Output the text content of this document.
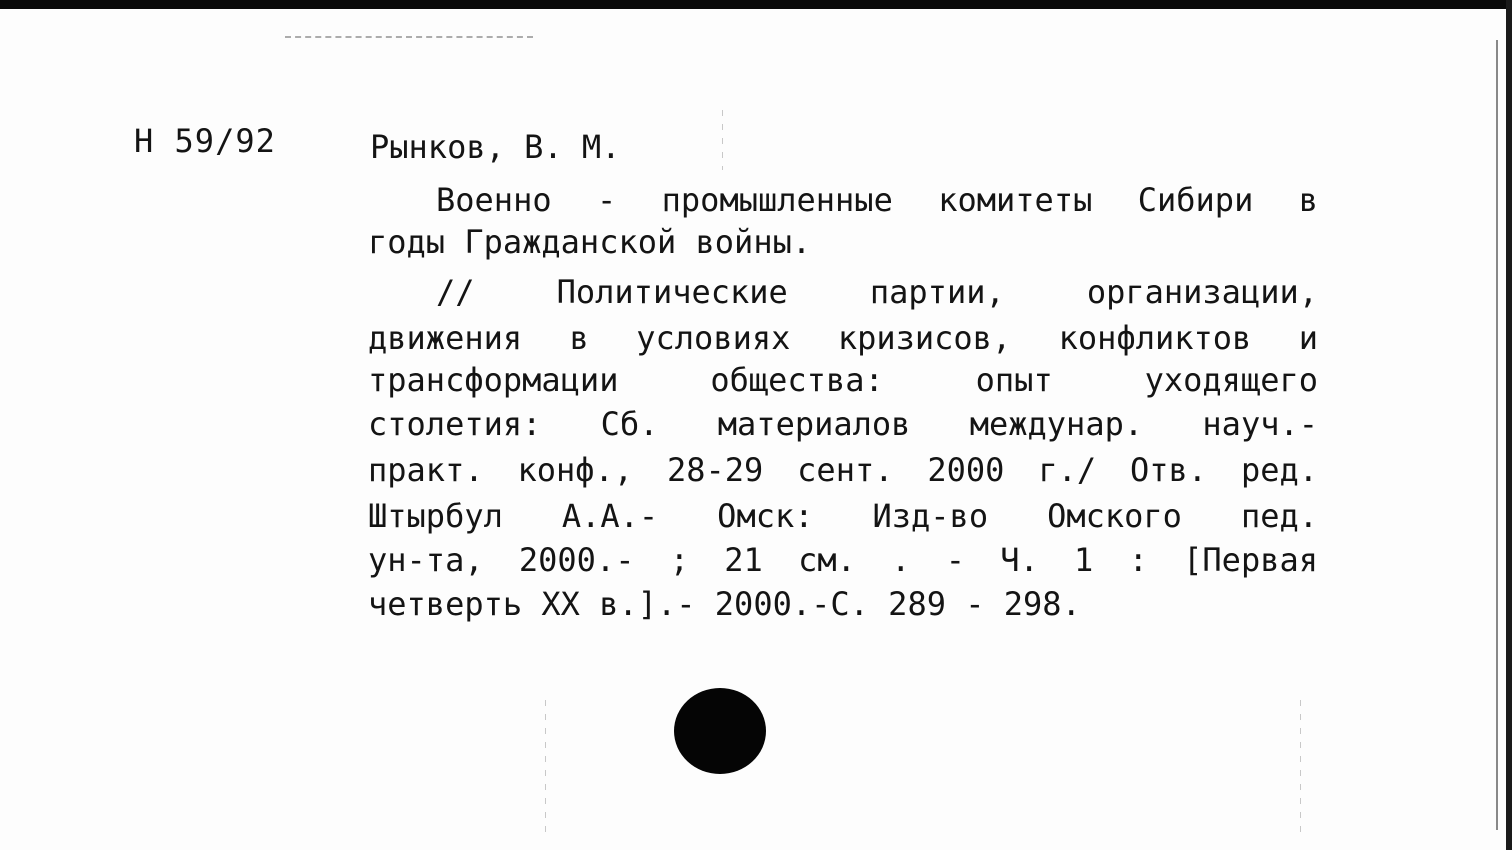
Н 59/92	Рынков, В. М.
Военно - промышленные комитеты Сибири в
годы Гражданской войны.
// Политические партии, организации,
движения в условиях кризисов, конфликтов и
трансформации общества: опыт уходящего
столетия: Сб. материалов междунар. науч.-
практ. конф., 28-29 сент. 2000 г./ Отв. ред.
Штырбул А.А.- Омск: Изд-во Омского пед.
ун-та, 2000.- ; 21 см. . - Ч. 1 : [Первая
четверть XX в.].- 2000.-С. 289 - 298.
